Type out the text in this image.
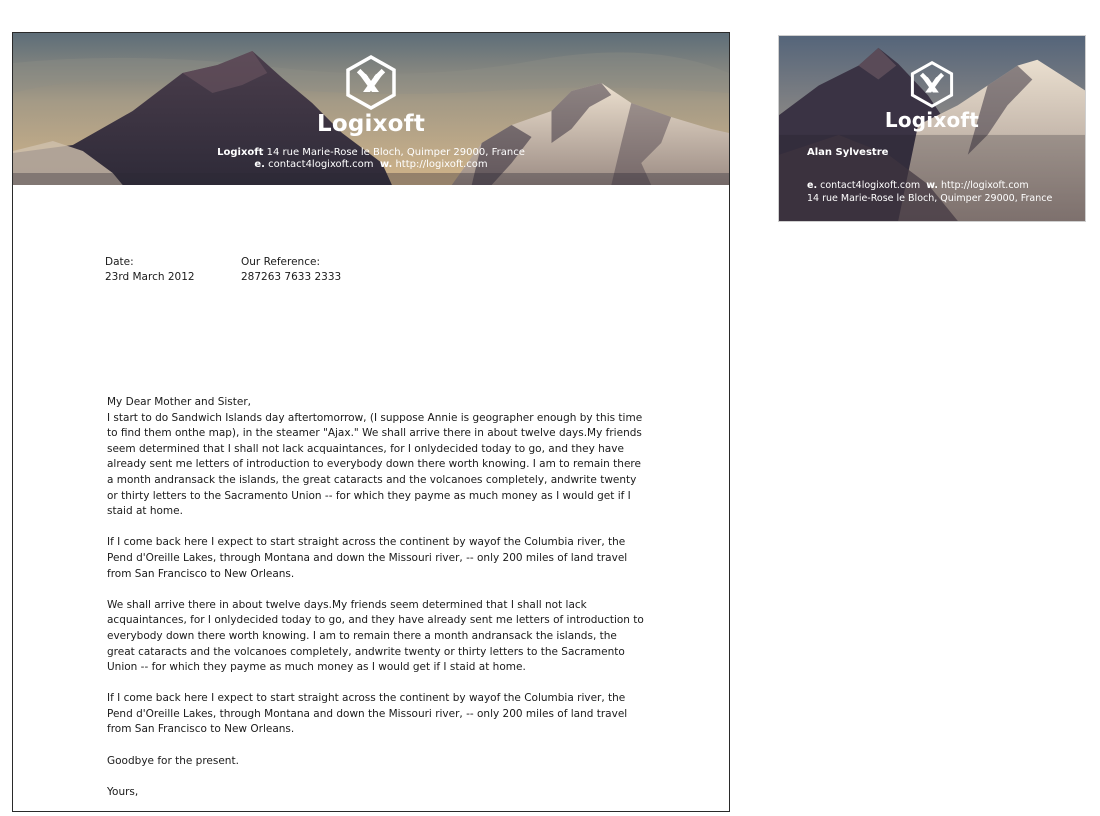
Logixoft
Logixoft 14 rue Marie-Rose le Bloch, Quimper 29000, France
e. contact4logixoft.com w. http://logixoft.com
Date:
23rd March 2012
Our Reference:
287263 7633 2333

My Dear Mother and Sister,

I start to do Sandwich Islands day aftertomorrow, (I suppose Annie is geographer enough by this time to find them onthe map), in the steamer "Ajax." We shall arrive there in about twelve days.My friends seem determined that I shall not lack acquaintances, for I onlydecided today to go, and they have already sent me letters of introduction to everybody down there worth knowing. I am to remain there a month andransack the islands, the great cataracts and the volcanoes completely, andwrite twenty or thirty letters to the Sacramento Union -- for which they payme as much money as I would get if I staid at home.

If I come back here I expect to start straight across the continent by wayof the Columbia river, the Pend d'Oreille Lakes, through Montana and down the Missouri river, -- only 200 miles of land travel from San Francisco to New Orleans.

We shall arrive there in about twelve days.My friends seem determined that I shall not lack acquaintances, for I onlydecided today to go, and they have already sent me letters of introduction to everybody down there worth knowing. I am to remain there a month andransack the islands, the great cataracts and the volcanoes completely, andwrite twenty or thirty letters to the Sacramento Union -- for which they payme as much money as I would get if I staid at home.

If I come back here I expect to start straight across the continent by wayof the Columbia river, the Pend d'Oreille Lakes, through Montana and down the Missouri river, -- only 200 miles of land travel from San Francisco to New Orleans.

Goodbye for the present.

Yours,

Logixoft
Alan Sylvestre
e. contact4logixoft.com w. http://logixoft.com
14 rue Marie-Rose le Bloch, Quimper 29000, France
